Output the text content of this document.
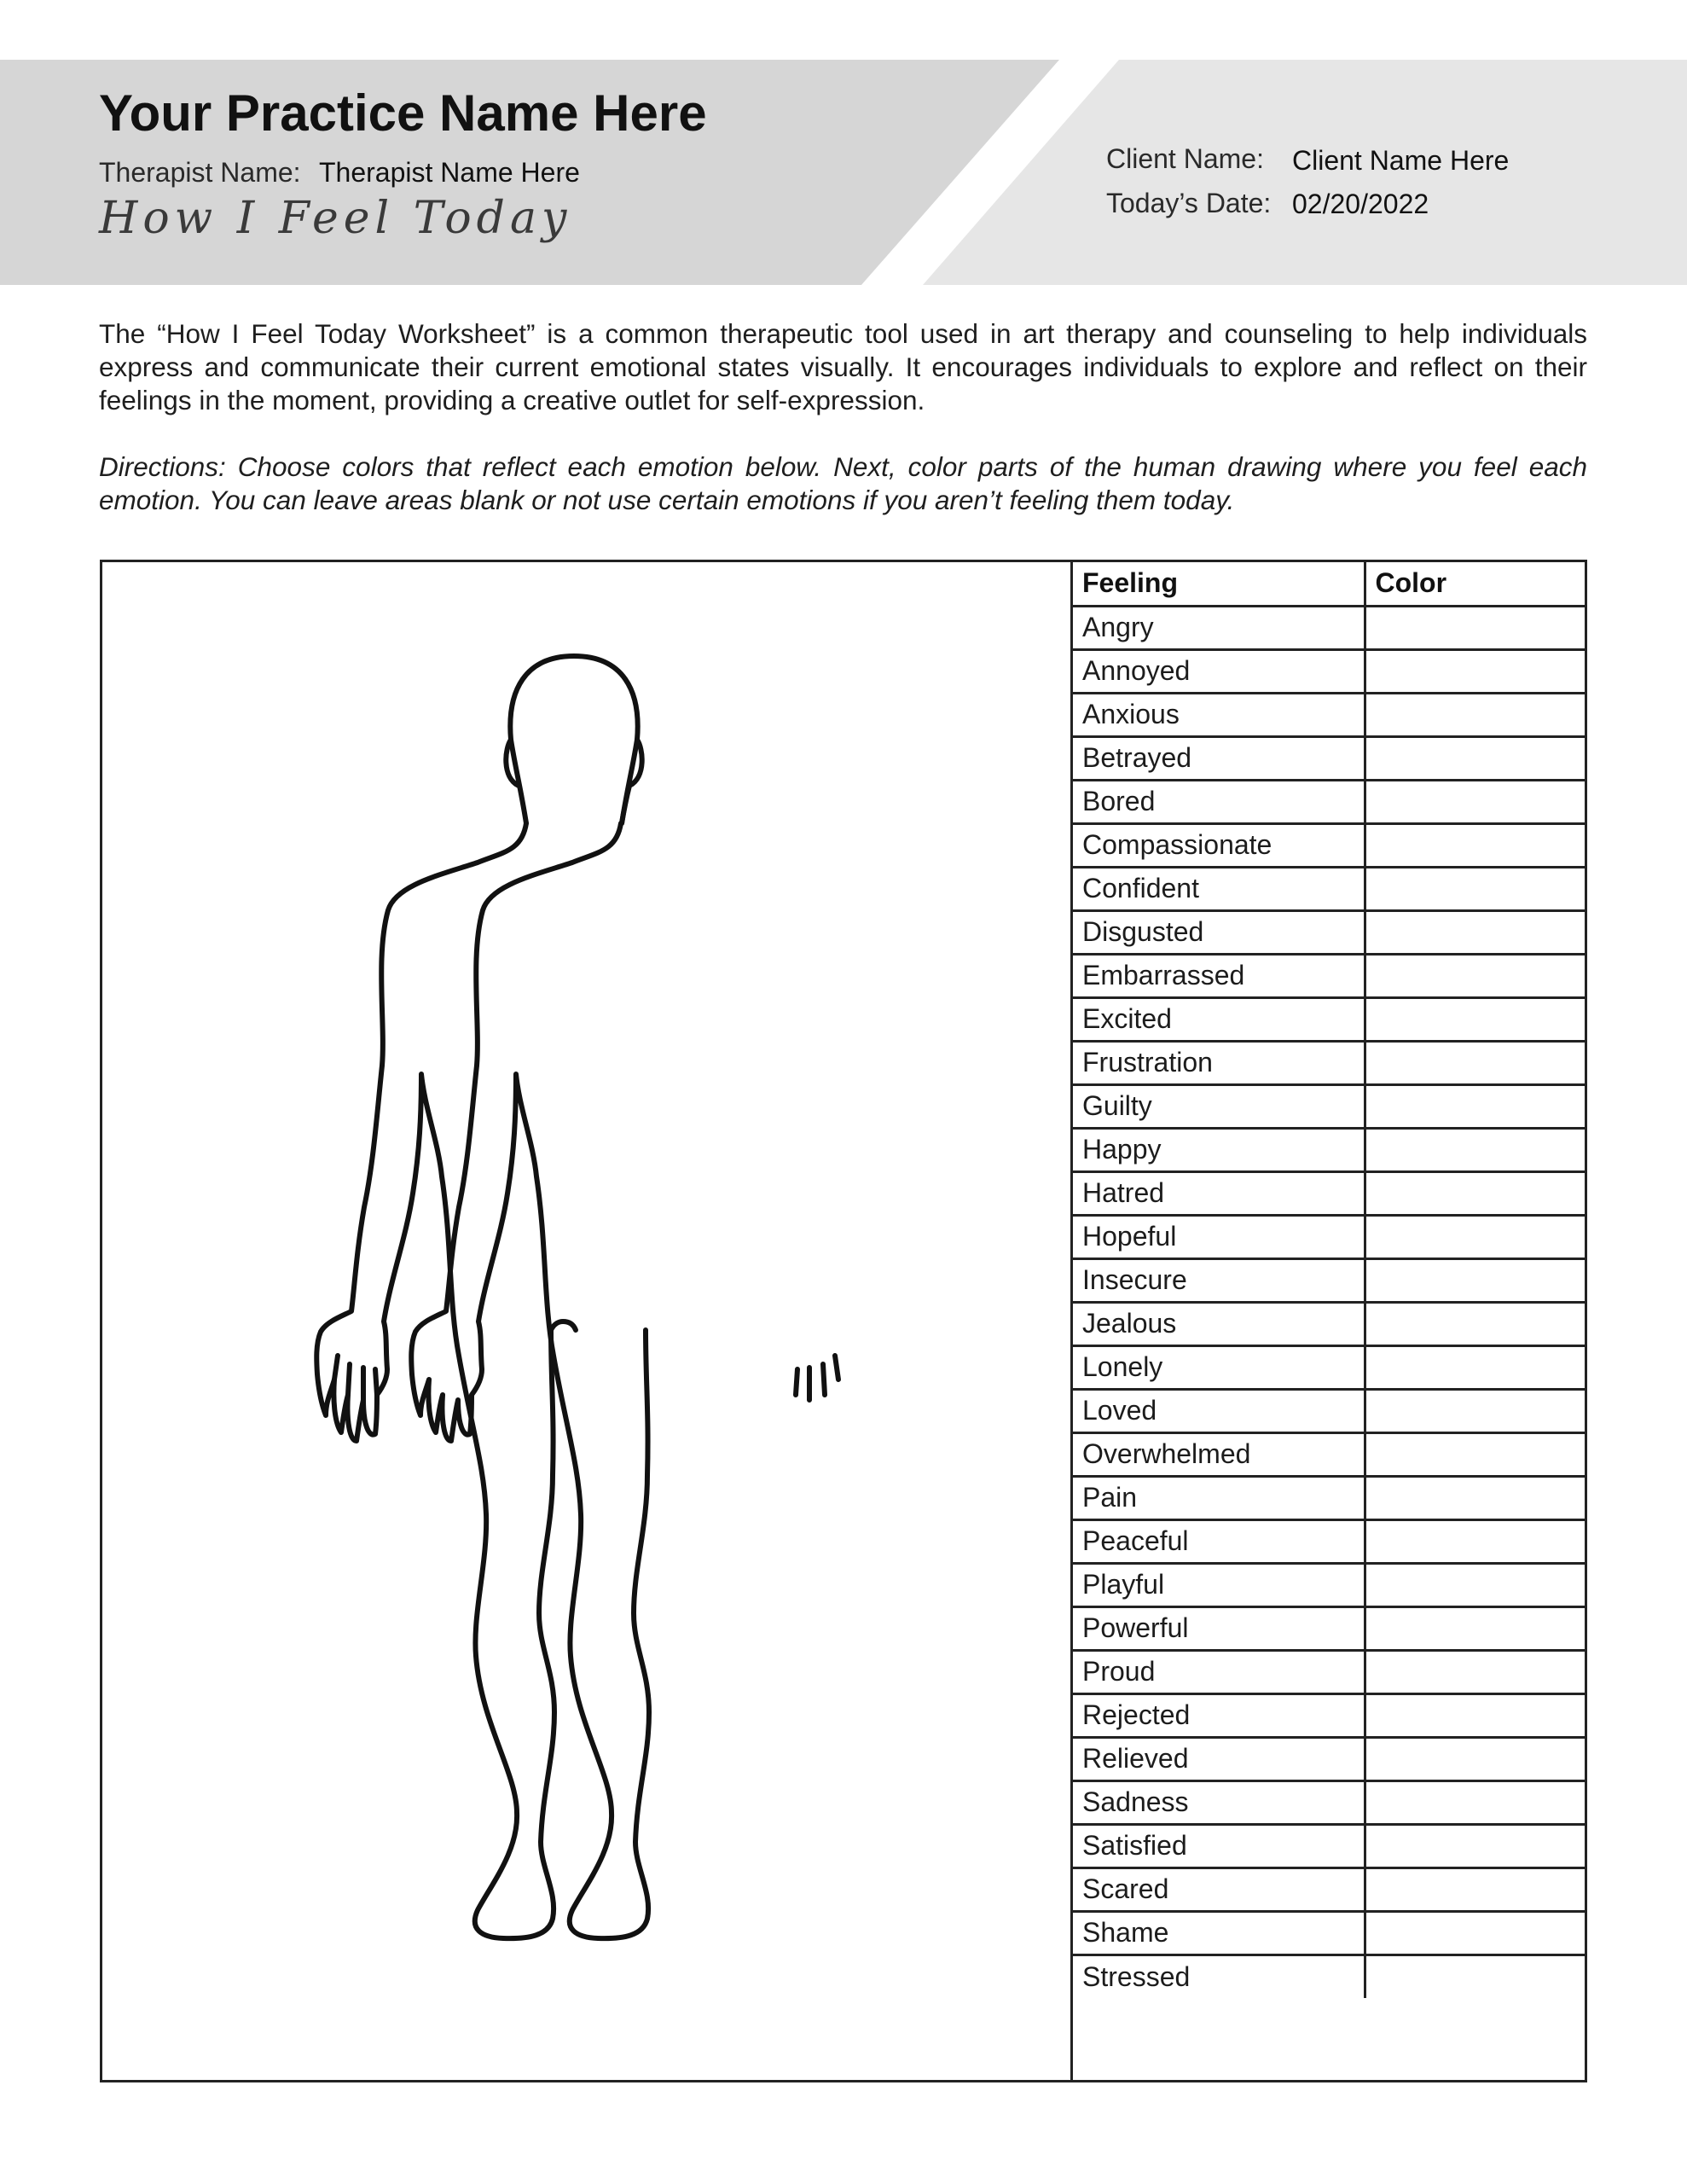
Your Practice Name Here
Therapist Name: Therapist Name Here
How I Feel Today
Client Name: Client Name Here
Today’s Date: 02/20/2022

The “How I Feel Today Worksheet” is a common therapeutic tool used in art therapy and counseling to help individuals express and communicate their current emotional states visually. It encourages individuals to explore and reflect on their feelings in the moment, providing a creative outlet for self-expression.

Directions: Choose colors that reflect each emotion below. Next, color parts of the human drawing where you feel each emotion. You can leave areas blank or not use certain emotions if you aren’t feeling them today.

Feeling	Color
Angry	
Annoyed	
Anxious	
Betrayed	
Bored	
Compassionate	
Confident	
Disgusted	
Embarrassed	
Excited	
Frustration	
Guilty	
Happy	
Hatred	
Hopeful	
Insecure	
Jealous	
Lonely	
Loved	
Overwhelmed	
Pain	
Peaceful	
Playful	
Powerful	
Proud	
Rejected	
Relieved	
Sadness	
Satisfied	
Scared	
Shame	
Stressed	
